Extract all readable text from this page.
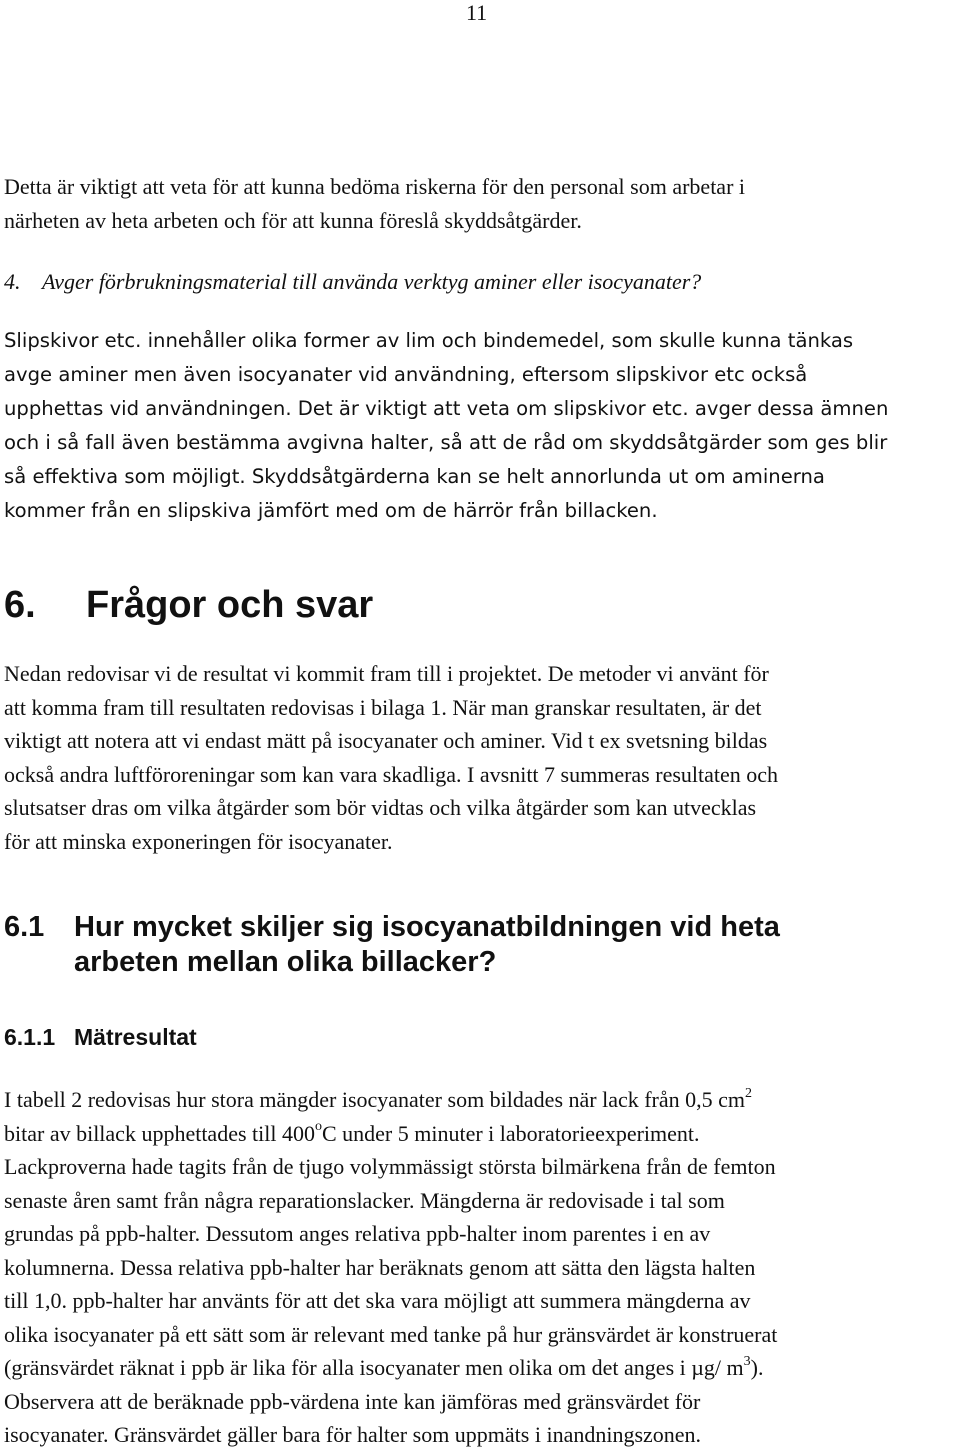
11
Detta är viktigt att veta för att kunna bedöma riskerna för den personal som arbetar i
närheten av heta arbeten och för att kunna föreslå skyddsåtgärder.
4. Avger förbrukningsmaterial till använda verktyg aminer eller isocyanater?
Slipskivor etc. innehåller olika former av lim och bindemedel, som skulle kunna tänkas
avge aminer men även isocyanater vid användning, eftersom slipskivor etc också
upphettas vid användningen. Det är viktigt att veta om slipskivor etc. avger dessa ämnen
och i så fall även bestämma avgivna halter, så att de råd om skyddsåtgärder som ges blir
så effektiva som möjligt. Skyddsåtgärderna kan se helt annorlunda ut om aminerna
kommer från en slipskiva jämfört med om de härrör från billacken.
6. Frågor och svar
Nedan redovisar vi de resultat vi kommit fram till i projektet. De metoder vi använt för
att komma fram till resultaten redovisas i bilaga 1. När man granskar resultaten, är det
viktigt att notera att vi endast mätt på isocyanater och aminer. Vid t ex svetsning bildas
också andra luftföroreningar som kan vara skadliga. I avsnitt 7 summeras resultaten och
slutsatser dras om vilka åtgärder som bör vidtas och vilka åtgärder som kan utvecklas
för att minska exponeringen för isocyanater.
6.1 Hur mycket skiljer sig isocyanatbildningen vid heta
arbeten mellan olika billacker?
6.1.1 Mätresultat
I tabell 2 redovisas hur stora mängder isocyanater som bildades när lack från 0,5 $cm^2$
bitar av billack upphettades till 400$^o$C under 5 minuter i laboratorieexperiment.
Lackproverna hade tagits från de tjugo volymmässigt största bilmärkena från de femton
senaste åren samt från några reparationslacker. Mängderna är redovisade i tal som
grundas på ppb-halter. Dessutom anges relativa ppb-halter inom parentes i en av
kolumnerna. Dessa relativa ppb-halter har beräknats genom att sätta den lägsta halten
till 1,0. ppb-halter har använts för att det ska vara möjligt att summera mängderna av
olika isocyanater på ett sätt som är relevant med tanke på hur gränsvärdet är konstruerat
(gränsvärdet räknat i ppb är lika för alla isocyanater men olika om det anges i µg/ $m^3$).
Observera att de beräknade ppb-värdena inte kan jämföras med gränsvärdet för
isocyanater. Gränsvärdet gäller bara för halter som uppmäts i inandningszonen.
